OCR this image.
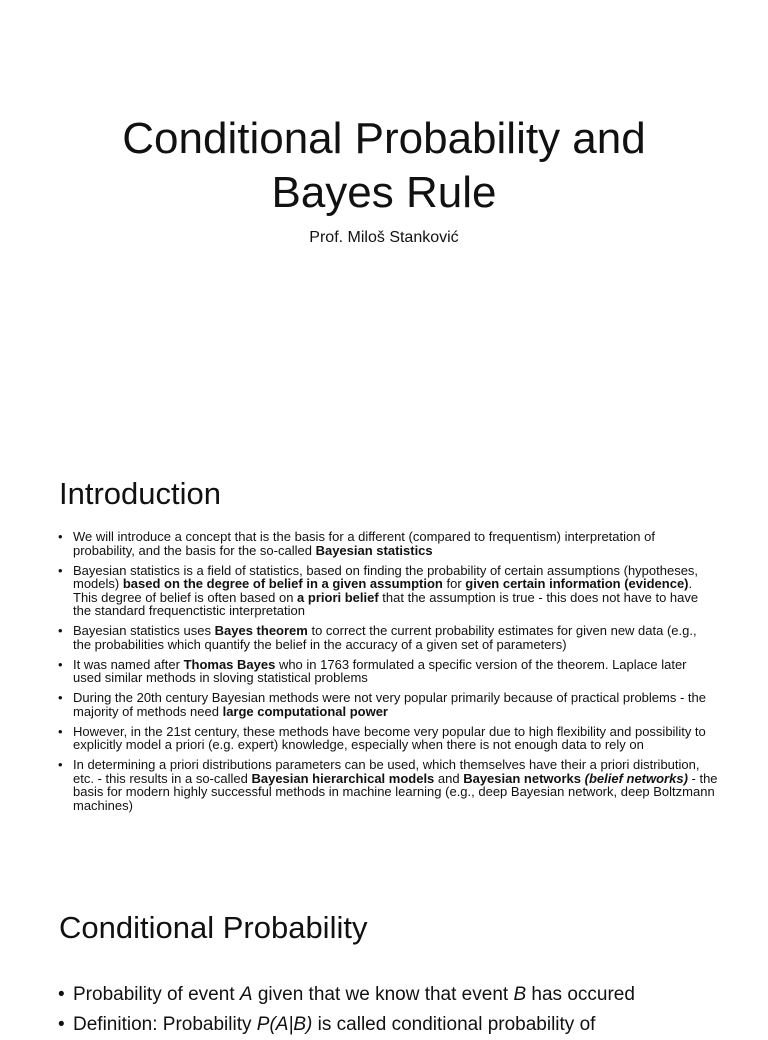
Conditional Probability and
Bayes Rule

Prof. Miloš Stanković

Introduction
• We will introduce a concept that is the basis for a different (compared to frequentism) interpretation of probability, and the basis for the so-called Bayesian statistics
• Bayesian statistics is a field of statistics, based on finding the probability of certain assumptions (hypotheses, models) based on the degree of belief in a given assumption for given certain information (evidence). This degree of belief is often based on a priori belief that the assumption is true - this does not have to have the standard frequenctistic interpretation
• Bayesian statistics uses Bayes theorem to correct the current probability estimates for given new data (e.g., the probabilities which quantify the belief in the accuracy of a given set of parameters)
• It was named after Thomas Bayes who in 1763 formulated a specific version of the theorem. Laplace later used similar methods in sloving statistical problems
• During the 20th century Bayesian methods were not very popular primarily because of practical problems - the majority of methods need large computational power
• However, in the 21st century, these methods have become very popular due to high flexibility and possibility to explicitly model a priori (e.g. expert) knowledge, especially when there is not enough data to rely on
• In determining a priori distributions parameters can be used, which themselves have their a priori distribution, etc. - this results in a so-called Bayesian hierarchical models and Bayesian networks (belief networks) - the basis for modern highly successful methods in machine learning (e.g., deep Bayesian network, deep Boltzmann machines)
Conditional Probability
• Probability of event A given that we know that event B has occured
• Definition: Probability P(A|B) is called conditional probability of
